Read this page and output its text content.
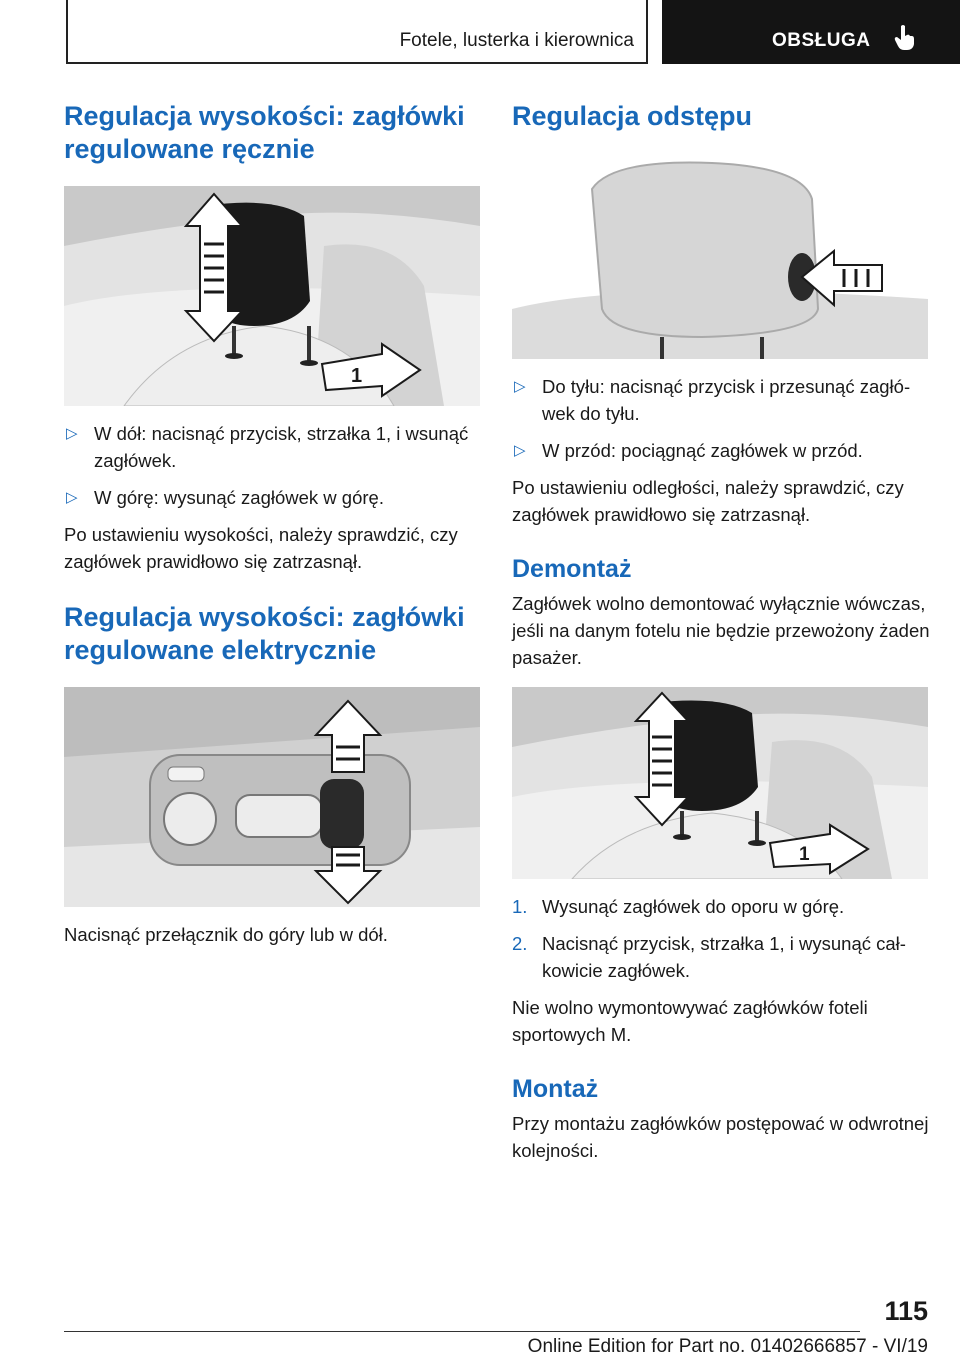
Fotele, lusterka i kierownica	OBSŁUGA
Regulacja wysokości: zagłówki regulowane ręcznie
1
▷ W dół: nacisnąć przycisk, strzałka 1, i wsunąć zagłówek.
▷ W górę: wysunąć zagłówek w górę.

Po ustawieniu wysokości, należy sprawdzić, czy zagłówek prawidłowo się zatrzasnął.

Regulacja wysokości: zagłówki regulowane elektrycznie

Nacisnąć przełącznik do góry lub w dół.

Regulacja odstępu
▷ Do tyłu: nacisnąć przycisk i przesunąć zagłówek do tyłu.
▷ W przód: pociągnąć zagłówek w przód.

Po ustawieniu odległości, należy sprawdzić, czy zagłówek prawidłowo się zatrzasnął.

Demontaż

Zagłówek wolno demontować wyłącznie wówczas, jeśli na danym fotelu nie będzie przewożony żaden pasażer.

1
1. Wysunąć zagłówek do oporu w górę.
2. Nacisnąć przycisk, strzałka 1, i wysunąć całkowicie zagłówek.

Nie wolno wymontowywać zagłówków foteli sportowych M.

Montaż

Przy montażu zagłówków postępować w odwrotnej kolejności.

115
Online Edition for Part no. 01402666857 - VI/19
